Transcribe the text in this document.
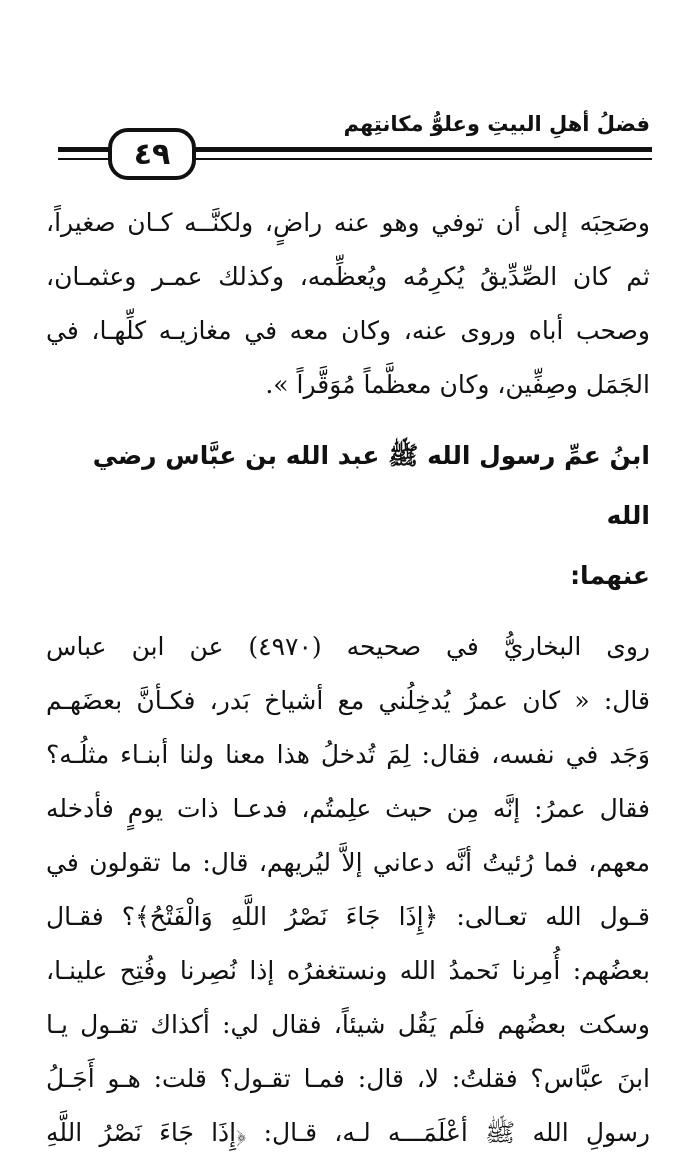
فضلُ أهلِ البيتِ وعلوُّ مكانتِهم
٤٩

وصَحِبَه إلى أن توفي وهو عنه راضٍ، ولكنَّــه كـان صغيراً،
ثم كان الصِّدِّيقُ يُكرِمُه ويُعظِّمه، وكذلك عمـر وعثمـان،
وصحب أباه وروى عنه، وكان معه في مغازيـه كلِّهـا، في
الجَمَل وصِفِّين، وكان معظَّماً مُوَقَّراً ».

ابنُ عمِّ رسول الله ﷺ عبد الله بن عبَّاس رضي الله
عنهما:

روى البخاريُّ في صحيحه (٤٩٧٠) عن ابن عباس
قال: « كان عمرُ يُدخِلُني مع أشياخ بَدر، فكـأنَّ بعضَهـم
وَجَد في نفسه، فقال: لِمَ تُدخلُ هذا معنا ولنا أبنـاء مثلُـه؟
فقال عمرُ: إنَّه مِن حيث علِمتُم، فدعـا ذات يومٍ فأدخله
معهم، فما رُئيتُ أنَّه دعاني إلاَّ ليُريهم، قال: ما تقولون في
قـول الله تعـالى: ﴿إِذَا جَاءَ نَصْرُ اللَّهِ وَالْفَتْحُ﴾؟ فقـال
بعضُهم: أُمِرنا نَحمدُ الله ونستغفرُه إذا نُصِرنا وفُتِح علينـا،
وسكت بعضُهم فلَم يَقُل شيئاً، فقال لي: أكذاك تقـول يـا
ابنَ عبَّاس؟ فقلتُ: لا، قال: فمـا تقـول؟ قلت: هـو أَجَـلُ
رسولِ الله ﷺ أعْلَمَـــه لـه، قـال: ﴿إِذَا جَاءَ نَصْرُ اللَّهِ
